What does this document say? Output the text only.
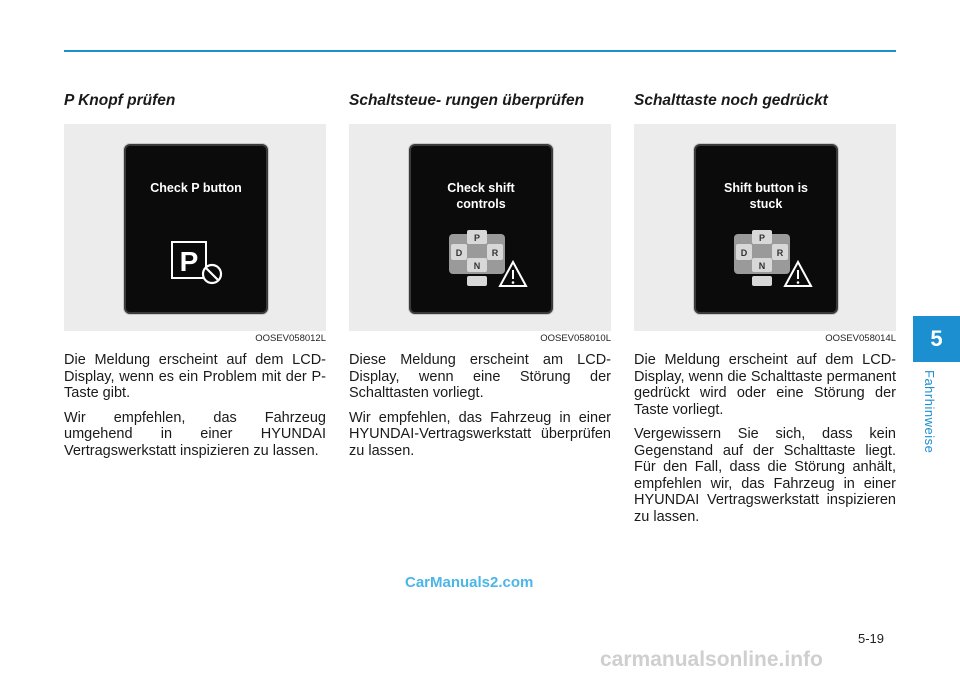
P Knopf prüfen
Check P button
P
OOSEV058012L

Die Meldung erscheint auf dem LCD-Display, wenn es ein Problem mit der P-Taste gibt.

Wir empfehlen, das Fahrzeug umgehend in einer HYUNDAI Vertragswerkstatt inspizieren zu lassen.

Schaltsteue- rungen überprüfen
Check shift
controls
P
D	R
N
OOSEV058010L

Diese Meldung erscheint am LCD-Display, wenn eine Störung der Schalttasten vorliegt.

Wir empfehlen, das Fahrzeug in einer HYUNDAI-Vertragswerkstatt überprüfen zu lassen.

Schalttaste noch gedrückt
Shift button is
stuck
P
D	R
N
OOSEV058014L

Die Meldung erscheint auf dem LCD-Display, wenn die Schalttaste permanent gedrückt wird oder eine Störung der Taste vorliegt.

Vergewissern Sie sich, dass kein Gegenstand auf der Schalttaste liegt. Für den Fall, dass die Störung anhält, empfehlen wir, das Fahrzeug in einer HYUNDAI Vertragswerkstatt inspizieren zu lassen.

5
Fahrhinweise
CarManuals2.com
5-19
carmanualsonline.info
